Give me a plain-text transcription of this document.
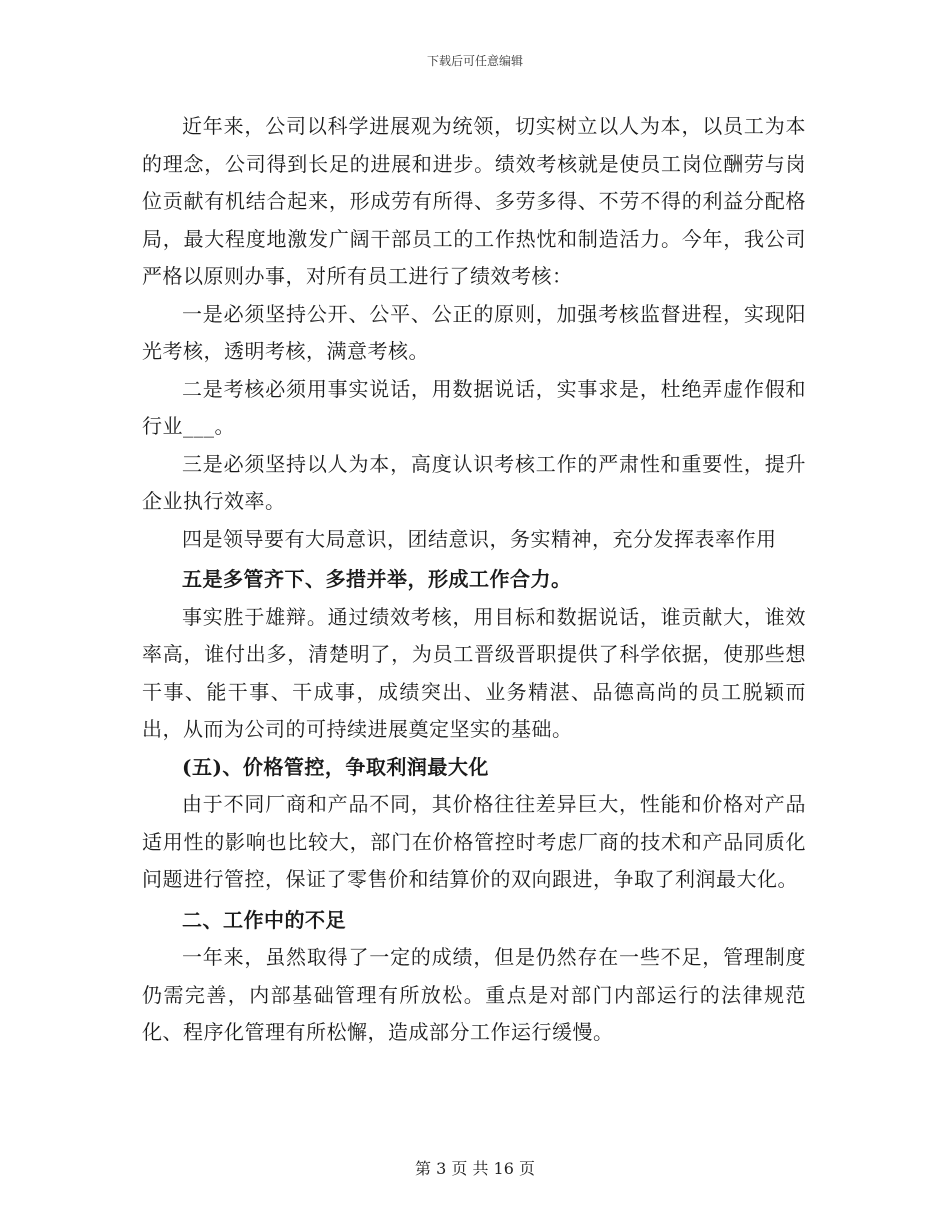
下载后可任意编辑

近年来，公司以科学进展观为统领，切实树立以人为本，以员工为本的理念，公司得到长足的进展和进步。绩效考核就是使员工岗位酬劳与岗位贡献有机结合起来，形成劳有所得、多劳多得、不劳不得的利益分配格局，最大程度地激发广阔干部员工的工作热忱和制造活力。今年，我公司严格以原则办事，对所有员工进行了绩效考核：

一是必须坚持公开、公平、公正的原则，加强考核监督进程，实现阳光考核，透明考核，满意考核。

二是考核必须用事实说话，用数据说话，实事求是，杜绝弄虚作假和行业___。

三是必须坚持以人为本，高度认识考核工作的严肃性和重要性，提升企业执行效率。

四是领导要有大局意识，团结意识，务实精神，充分发挥表率作用

五是多管齐下、多措并举，形成工作合力。

事实胜于雄辩。通过绩效考核，用目标和数据说话，谁贡献大，谁效率高，谁付出多，清楚明了，为员工晋级晋职提供了科学依据，使那些想干事、能干事、干成事，成绩突出、业务精湛、品德高尚的员工脱颖而出，从而为公司的可持续进展奠定坚实的基础。

(五)、价格管控，争取利润最大化

由于不同厂商和产品不同，其价格往往差异巨大，性能和价格对产品适用性的影响也比较大，部门在价格管控时考虑厂商的技术和产品同质化问题进行管控，保证了零售价和结算价的双向跟进，争取了利润最大化。

二、工作中的不足

一年来，虽然取得了一定的成绩，但是仍然存在一些不足，管理制度仍需完善，内部基础管理有所放松。重点是对部门内部运行的法律规范化、程序化管理有所松懈，造成部分工作运行缓慢。

第 3 页 共 16 页
